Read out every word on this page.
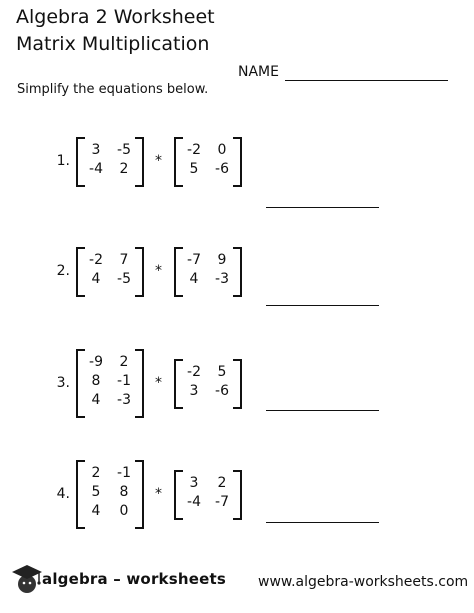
Algebra 2 Worksheet
Matrix Multiplication
NAME
Simplify the equations below.
1.
3	-5
-4	2	*
-2	0
5	-6
2.
-2	7
4	-5	*
-7	9
4	-3
3.
-9	2
8	-1
4	-3
*
-2	5
3	-6
4.
2	-1
5	8
4	0
*
3	2
-4	-7
algebra – worksheets www.algebra-worksheets.com
